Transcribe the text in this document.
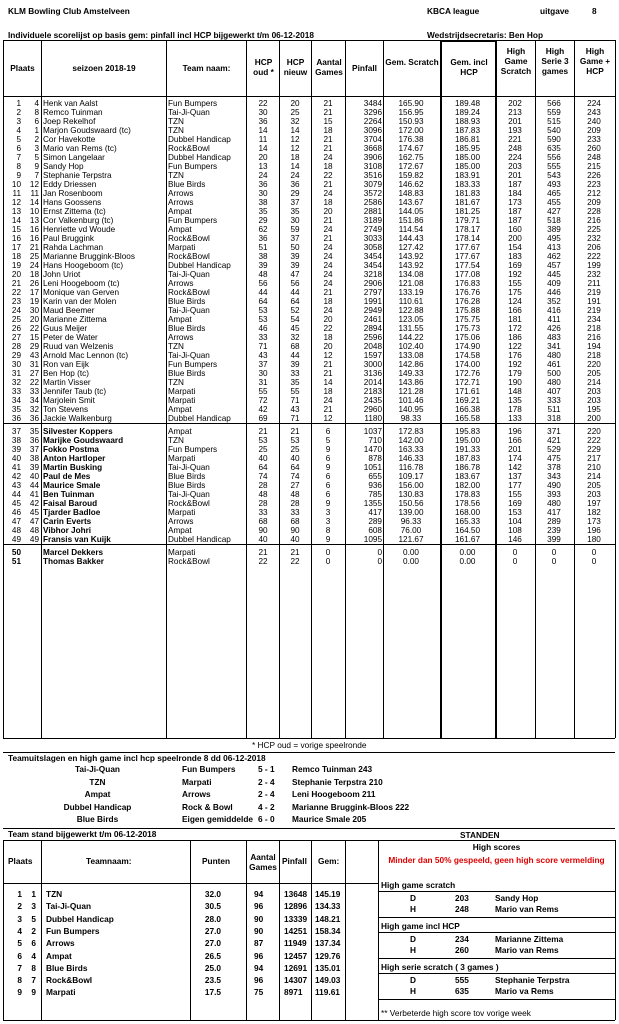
KLM Bowling Club Amstelveen	KBCA league	uitgave	8
Individuele scorelijst op basis gem: pinfall incl HCP bijgewerkt t/m 06-12-2018	Wedstrijdsecretaris: Ben Hop
Plaats	seizoen 2018-19	Team naam:
HCP oud *
HCP nieuw
Aantal Games	Pinfall
Gem. Scratch	Gem. incl HCP
High Game Scratch
High Serie 3 games
High Game + HCP
1	4 Henk van Aalst	Fun Bumpers	22	20	21	3484	165.90	189.48	202	566	224
2	8 Remco Tuinman	Tai-Ji-Quan	30	25	21	3296	156.95	189.24	213	559	243
3	6 Joep Rekelhof	TZN	36	32	15	2264	150.93	188.93	201	515	240
4	1 Marjon Goudswaard (tc)	TZN	14	14	18	3096	172.00	187.83	193	540	209
5	2 Cor Havekotte	Dubbel Handicap	11	12	21	3704	176.38	186.81	221	590	233
6	3 Mario van Rems (tc)	Rock&Bowl	14	12	21	3668	174.67	185.95	248	635	260
7	5 Simon Langelaar	Dubbel Handicap	20	18	24	3906	162.75	185.00	224	556	248
8	9 Sandy Hop	Fun Bumpers	13	14	18	3108	172.67	185.00	203	555	215
9	7 Stephanie Terpstra	TZN	24	24	22	3516	159.82	183.91	201	543	226
10	12 Eddy Driessen	Blue Birds	36	36	21	3079	146.62	183.33	187	493	223
11	11 Jan Rosenboom	Arrows	30	29	24	3572	148.83	181.83	184	465	212
12	14 Hans Goossens	Arrows	38	37	18	2586	143.67	181.67	173	455	209
13	10 Ernst Zittema (tc)	Ampat	35	35	20	2881	144.05	181.25	187	427	228
14	13 Cor Valkenburg (tc)	Fun Bumpers	29	30	21	3189	151.86	179.71	187	518	216
15	16 Henriette vd Woude	Ampat	62	59	24	2749	114.54	178.17	160	389	225
16	16 Paul Bruggink	Rock&Bowl	36	37	21	3033	144.43	178.14	200	495	232
17	21 Rahda Lachman	Marpati	51	50	24	3058	127.42	177.67	154	413	206
18	25 Marianne Bruggink-Bloos	Rock&Bowl	38	39	24	3454	143.92	177.67	183	462	222
19	24 Hans Hoogeboom (tc)	Dubbel Handicap	39	39	24	3454	143.92	177.54	169	457	199
20	18 John Uriot	Tai-Ji-Quan	48	47	24	3218	134.08	177.08	192	445	232
21	26 Leni Hoogeboom (tc)	Arrows	56	56	24	2906	121.08	176.83	155	409	211
22	17 Monique van Gerven	Rock&Bowl	44	44	21	2797	133.19	176.76	175	446	219
23	19 Karin van der Molen	Blue Birds	64	64	18	1991	110.61	176.28	124	352	191
24	30 Maud Beemer	Tai-Ji-Quan	53	52	24	2949	122.88	175.88	166	416	219
25	20 Marianne Zittema	Ampat	53	54	20	2461	123.05	175.75	181	411	234
26	22 Guus Meijer	Blue Birds	46	45	22	2894	131.55	175.73	172	426	218
27	15 Peter de Water	Arrows	33	32	18	2596	144.22	175.06	186	483	216
28	29 Ruud van Welzenis	TZN	71	68	20	2048	102.40	174.90	122	341	194
29	43 Arnold Mac Lennon (tc)	Tai-Ji-Quan	43	44	12	1597	133.08	174.58	176	480	218
30	31 Ron van Eijk	Fun Bumpers	37	39	21	3000	142.86	174.00	192	461	220
31	27 Ben Hop (tc)	Blue Birds	30	33	21	3136	149.33	172.76	179	500	205
32	22 Martin Visser	TZN	31	35	14	2014	143.86	172.71	190	480	214
33	33 Jennifer Taub (tc)	Marpati	55	55	18	2183	121.28	171.61	148	407	203
34	34 Marjolein Smit	Marpati	72	71	24	2435	101.46	169.21	135	333	203
35	32 Ton Stevens	Ampat	42	43	21	2960	140.95	166.38	178	511	195
36	36 Jackie Walkenburg	Dubbel Handicap	69	71	12	1180	98.33	165.58	133	318	200
37	35 Silvester Koppers	Ampat	21	21	6	1037	172.83	195.83	196	371	220
38	36 Marijke Goudswaard	TZN	53	53	5	710	142.00	195.00	166	421	222
39	37 Fokko Postma	Fun Bumpers	25	25	9	1470	163.33	191.33	201	529	229
40	38 Anton Hartloper	Marpati	40	40	6	878	146.33	187.83	174	475	217
41	39 Martin Busking	Tai-Ji-Quan	64	64	9	1051	116.78	186.78	142	378	210
42	40 Paul de Mes	Blue Birds	74	74	6	655	109.17	183.67	137	343	214
43	44 Maurice Smale	Blue Birds	28	27	6	936	156.00	182.00	177	490	205
44	41 Ben Tuinman	Tai-Ji-Quan	48	48	6	785	130.83	178.83	155	393	203
45	42 Faisal Baroud	Rock&Bowl	28	28	9	1355	150.56	178.56	169	480	197
46	45 Tjarder Badloe	Marpati	33	33	3	417	139.00	168.00	153	417	182
47	47 Carin Everts	Arrows	68	68	3	289	96.33	165.33	104	289	173
48	48 Vibhor Johri	Ampat	90	90	8	608	76.00	164.50	108	239	196
49	49 Fransis van Kuijk	Dubbel Handicap	40	40	9	1095	121.67	161.67	146	399	180
50	Marcel Dekkers	Marpati	21	21	0	0	0.00	0.00	0	0	0
51	Thomas Bakker	Rock&Bowl	22	22	0	0	0.00	0.00	0	0	0
* HCP oud = vorige speelronde
Teamuitslagen en high game incl hcp speelronde 8 dd 06-12-2018
Tai-Ji-Quan	Fun Bumpers	5 - 1 Remco Tuinman 243
TZN	Marpati	2 - 4 Stephanie Terpstra 210
Ampat	Arrows	2 - 4 Leni Hoogeboom 211
Dubbel Handicap	Rock & Bowl	4 - 2 Marianne Bruggink-Bloos 222
Blue Birds	Eigen gemiddelde 6 - 0 Maurice Smale 205
Team stand bijgewerkt t/m 06-12-2018
Plaats	Teamnaam:	Punten Aantal Games
Pinfall Gem:
1	1 TZN	32.0	94	13648 145.19
2	3 Tai-Ji-Quan	30.5	96	12896 134.33
3	5 Dubbel Handicap	28.0	90	13339 148.21
4	2 Fun Bumpers	27.0	90	14251 158.34
5	6 Arrows	27.0	87	11949 137.34
6	4 Ampat	26.5	96	12457 129.76
7	8 Blue Birds	25.0	94	12691 135.01
8	7 Rock&Bowl	23.5	96	14307 149.03
9	9 Marpati	17.5	75	8971 119.61
STANDEN
High scores
Minder dan 50% gespeeld, geen high score vermelding
High game scratch
D	203	Sandy Hop
H	248	Mario van Rems
High game incl HCP
D	234	Marianne Zittema
H	260	Mario van Rems
High serie scratch ( 3 games )
D	555	Stephanie Terpstra
H	635	Mario va Rems
** Verbeterde high score tov vorige week
